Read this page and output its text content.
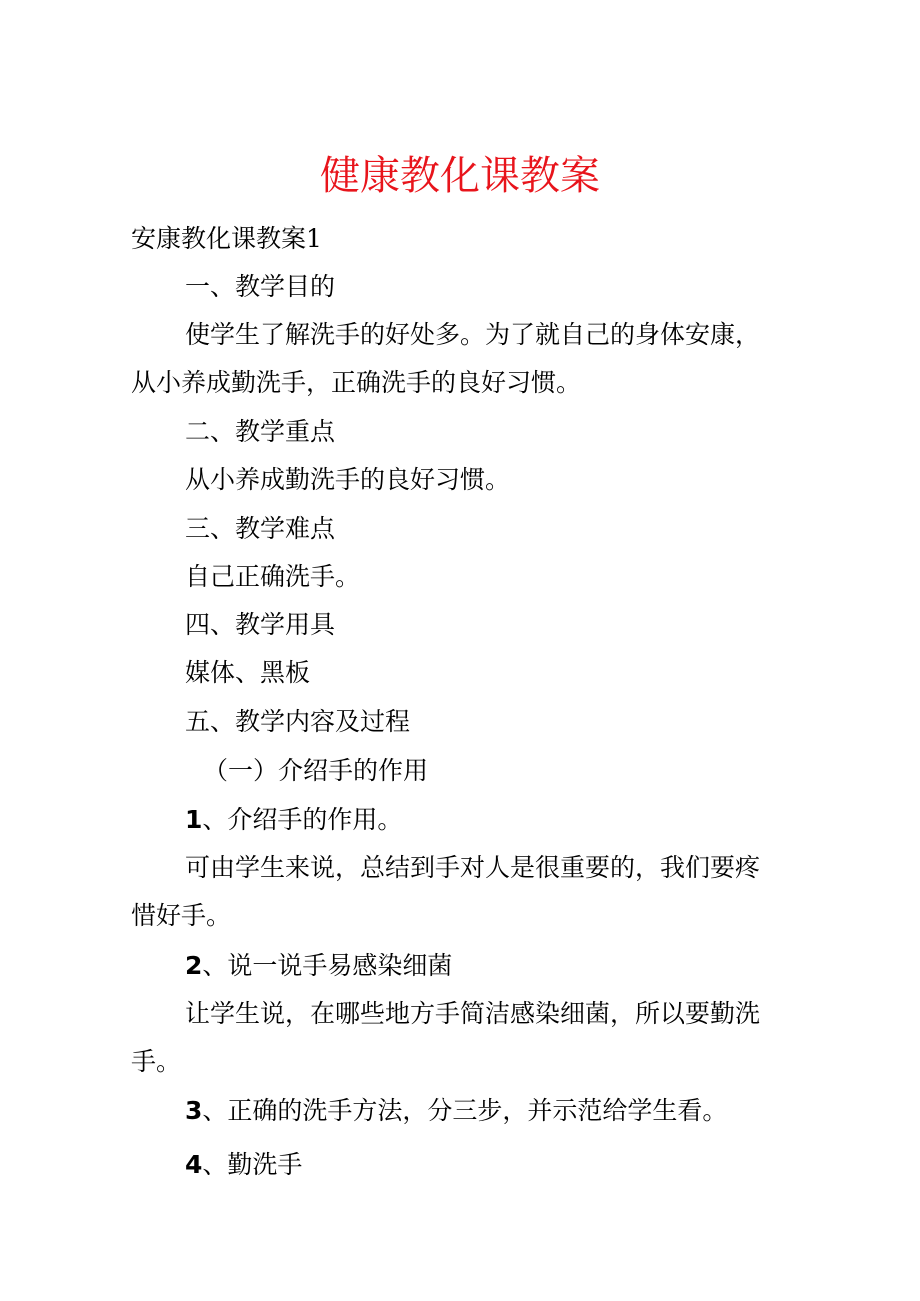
健康教化课教案
安康教化课教案1
一、教学目的
使学生了解洗手的好处多。为了就自己的身体安康，
从小养成勤洗手，正确洗手的良好习惯。
二、教学重点
从小养成勤洗手的良好习惯。
三、教学难点
自己正确洗手。
四、教学用具
媒体、黑板
五、教学内容及过程
（一）介绍手的作用
1、介绍手的作用。
可由学生来说，总结到手对人是很重要的，我们要疼
惜好手。
2、说一说手易感染细菌
让学生说，在哪些地方手简洁感染细菌，所以要勤洗
手。
3、正确的洗手方法，分三步，并示范给学生看。
4、勤洗手
